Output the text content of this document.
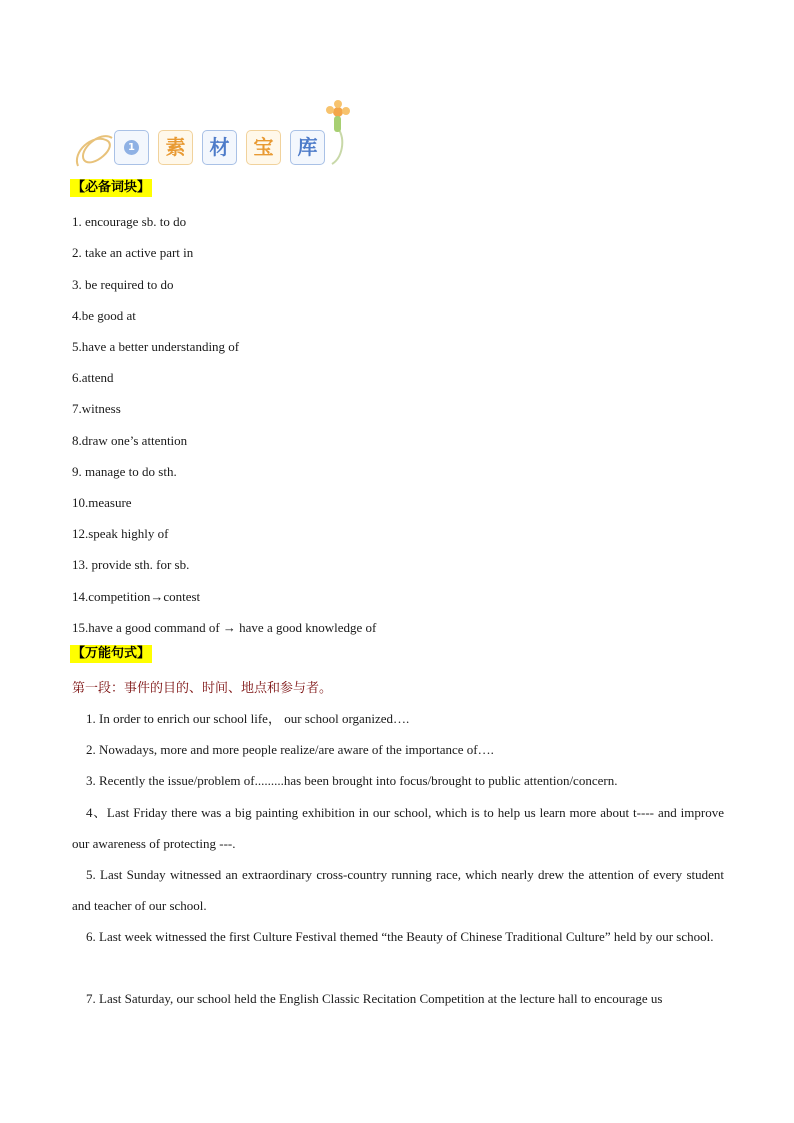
1	素	材	宝	库
【必备词块】
1. encourage sb. to do
2. take an active part in
3. be required to do
4.be good at
5.have a better understanding of
6.attend
7.witness
8.draw one’s attention
9. manage to do sth.
10.measure
12.speak highly of
13. provide sth. for sb.
14.competition→contest
15.have a good command of → have a good knowledge of
【万能句式】
第一段：事件的目的、时间、地点和参与者。
1. In order to enrich our school life， our school organized….
2. Nowadays, more and more people realize/are aware of the importance of….
3. Recently the issue/problem of.........has been brought into focus/brought to public attention/concern.
4、Last Friday there was a big painting exhibition in our school, which is to help us learn more about t---- and improve our awareness of protecting ---.
5. Last Sunday witnessed an extraordinary cross-country running race, which nearly drew the attention of every student and teacher of our school.
6. Last week witnessed the first Culture Festival themed “the Beauty of Chinese Traditional Culture” held by our school.
7. Last Saturday, our school held the English Classic Recitation Competition at the lecture hall to encourage us
